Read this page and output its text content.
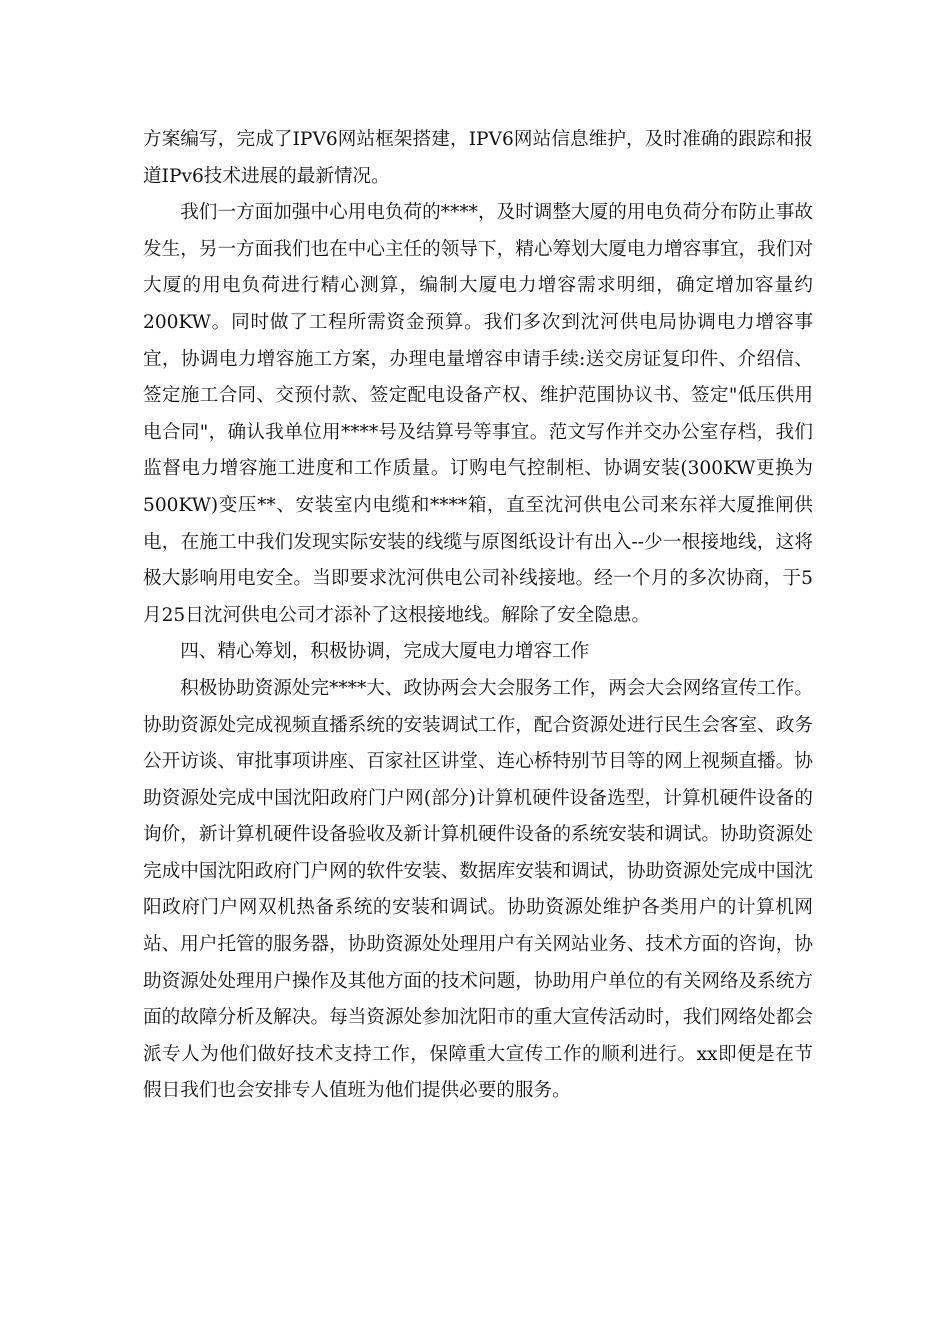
方案编写，完成了IPV6网站框架搭建，IPV6网站信息维护，及时准确的跟踪和报道IPv6技术进展的最新情况。

我们一方面加强中心用电负荷的****，及时调整大厦的用电负荷分布防止事故发生，另一方面我们也在中心主任的领导下，精心筹划大厦电力增容事宜，我们对大厦的用电负荷进行精心测算，编制大厦电力增容需求明细，确定增加容量约200KW。同时做了工程所需资金预算。我们多次到沈河供电局协调电力增容事宜，协调电力增容施工方案，办理电量增容申请手续:送交房证复印件、介绍信、签定施工合同、交预付款、签定配电设备产权、维护范围协议书、签定"低压供用电合同"，确认我单位用****号及结算号等事宜。范文写作并交办公室存档，我们监督电力增容施工进度和工作质量。订购电气控制柜、协调安装(300KW更换为500KW)变压**、安装室内电缆和****箱，直至沈河供电公司来东祥大厦推闸供电，在施工中我们发现实际安装的线缆与原图纸设计有出入--少一根接地线，这将极大影响用电安全。当即要求沈河供电公司补线接地。经一个月的多次协商，于5月25日沈河供电公司才添补了这根接地线。解除了安全隐患。

四、精心筹划，积极协调，完成大厦电力增容工作

积极协助资源处完****大、政协两会大会服务工作，两会大会网络宣传工作。协助资源处完成视频直播系统的安装调试工作，配合资源处进行民生会客室、政务公开访谈、审批事项讲座、百家社区讲堂、连心桥特别节目等的网上视频直播。协助资源处完成中国沈阳政府门户网(部分)计算机硬件设备选型，计算机硬件设备的询价，新计算机硬件设备验收及新计算机硬件设备的系统安装和调试。协助资源处完成中国沈阳政府门户网的软件安装、数据库安装和调试，协助资源处完成中国沈阳政府门户网双机热备系统的安装和调试。协助资源处维护各类用户的计算机网站、用户托管的服务器，协助资源处处理用户有关网站业务、技术方面的咨询，协助资源处处理用户操作及其他方面的技术问题，协助用户单位的有关网络及系统方面的故障分析及解决。每当资源处参加沈阳市的重大宣传活动时，我们网络处都会派专人为他们做好技术支持工作，保障重大宣传工作的顺利进行。xx即便是在节假日我们也会安排专人值班为他们提供必要的服务。
